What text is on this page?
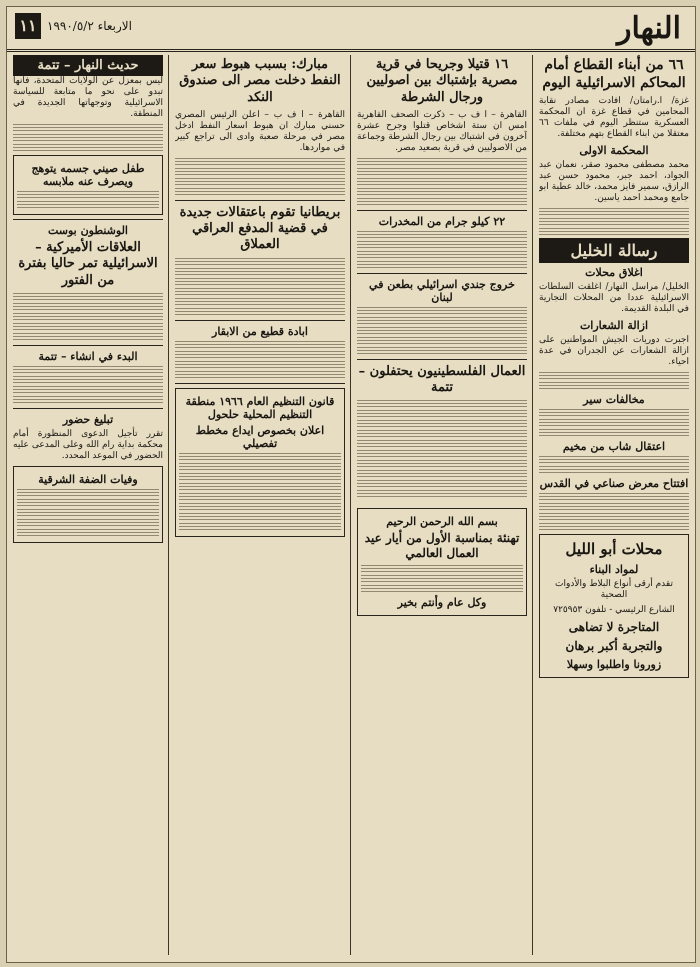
النهار
الاربعاء ١٩٩٠/٥/٢
١١
٦٦ من أبناء القطاع أمام المحاكم الاسرائيلية اليوم

غزة/ ا.رامتان/ افادت مصادر نقابة المحامين في قطاع غزة ان المحكمة العسكرية ستنظر اليوم في ملفات ٦٦ معتقلا من ابناء القطاع بتهم مختلفة.

المحكمة الاولى

محمد مصطفى محمود صقر، نعمان عبد الجواد، احمد جبر، محمود حسن عبد الرازق، سمير فايز محمد، خالد عطية ابو جامع ومحمد احمد ياسين.

رسالة الخليل
اغلاق محلات

الخليل/ مراسل النهار/ اغلقت السلطات الاسرائيلية عددا من المحلات التجارية في البلدة القديمة.

ازالة الشعارات

اجبرت دوريات الجيش المواطنين على ازالة الشعارات عن الجدران في عدة احياء.

مخالفات سير
اعتقال شاب من مخيم
افتتاح معرض صناعي في القدس
محلات أبو الليل
لمواد البناء

تقدم أرقى أنواع البلاط والأدوات الصحية

الشارع الرئيسي - تلفون ٧٢٥٩٥٣

المتاجرة لا تضاهى
والتجربة أكبر برهان
زورونا واطلبوا وسهلا
١٦ قتيلا وجريحا في قرية مصرية بإشتباك بين اصوليين ورجال الشرطة

القاهرة – ا ف ب – ذكرت الصحف القاهرية امس ان ستة اشخاص قتلوا وجرح عشرة آخرون في اشتباك بين رجال الشرطة وجماعة من الاصوليين في قرية بصعيد مصر.

٢٢ كيلو جرام من المخدرات
خروج جندي اسرائيلي بطعن في لبنان
العمال الفلسطينيون يحتفلون – تتمة
بسم الله الرحمن الرحيم
تهنئة بمناسبة الأول من أيار عيد العمال العالمي
وكل عام وأنتم بخير
مبارك: بسبب هبوط سعر النفط دخلت مصر الى صندوق النكد

القاهرة – ا ف ب – اعلن الرئيس المصري حسني مبارك ان هبوط اسعار النفط ادخل مصر في مرحلة صعبة وادى الى تراجع كبير في مواردها.

بريطانيا تقوم باعتقالات جديدة في قضية المدفع العراقي العملاق
ابادة قطيع من الابقار
قانون التنظيم العام ١٩٦٦ منطقة التنظيم المحلية حلحول
اعلان بخصوص ايداع مخطط تفصيلي
حديث النهار – تتمة

ليس بمعزل عن الولايات المتحدة، فانها تبدو على نحو ما متابعة للسياسة الاسرائيلية وتوجهاتها الجديدة في المنطقة.

طفل صيني جسمه يتوهج ويصرف عنه ملابسه
الوشنطون بوست
العلاقات الأميركية – الاسرائيلية تمر حاليا بفترة من الفتور
البدء في انشاء – تتمة
تبليغ حضور

تقرر تأجيل الدعوى المنظورة أمام محكمة بداية رام الله وعلى المدعى عليه الحضور في الموعد المحدد.

وفيات الضفة الشرقية
